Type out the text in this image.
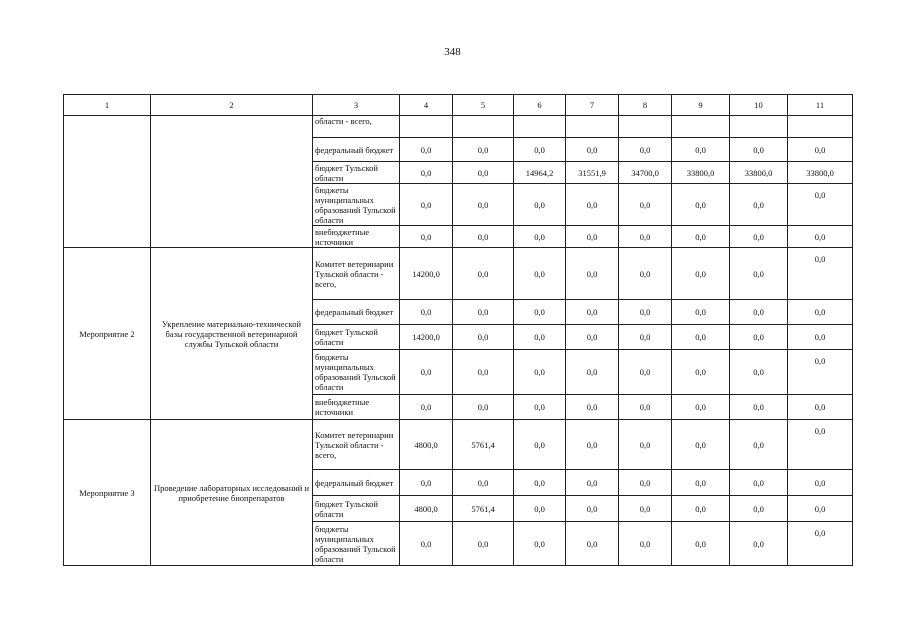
348
1	2	3	4	5	6	7	8	9	10	11
		области - всего,								
		федеральный бюджет	0,0	0,0	0,0	0,0	0,0	0,0	0,0	0,0
		бюджет Тульской области	0,0	0,0	14964,2	31551,9	34700,0	33800,0	33800,0	33800,0
		бюджеты муниципальных образований Тульской области	0,0	0,0	0,0	0,0	0,0	0,0	0,0	0,0
		внебюджетные источники	0,0	0,0	0,0	0,0	0,0	0,0	0,0	0,0
Мероприятие 2	Укрепление материально-технической базы государственной ветеринарной службы Тульской области	Комитет ветеринарии Тульской области - всего,	14200,0	0,0	0,0	0,0	0,0	0,0	0,0	0,0
		федеральный бюджет	0,0	0,0	0,0	0,0	0,0	0,0	0,0	0,0
		бюджет Тульской области	14200,0	0,0	0,0	0,0	0,0	0,0	0,0	0,0
		бюджеты муниципальных образований Тульской области	0,0	0,0	0,0	0,0	0,0	0,0	0,0	0,0
		внебюджетные источники	0,0	0,0	0,0	0,0	0,0	0,0	0,0	0,0
Мероприятие 3	Проведение лабораторных исследований и приобретение биопрепаратов	Комитет ветеринарии Тульской области - всего,	4800,0	5761,4	0,0	0,0	0,0	0,0	0,0	0,0
		федеральный бюджет	0,0	0,0	0,0	0,0	0,0	0,0	0,0	0,0
		бюджет Тульской области	4800,0	5761,4	0,0	0,0	0,0	0,0	0,0	0,0
		бюджеты муниципальных образований Тульской области	0,0	0,0	0,0	0,0	0,0	0,0	0,0	0,0
